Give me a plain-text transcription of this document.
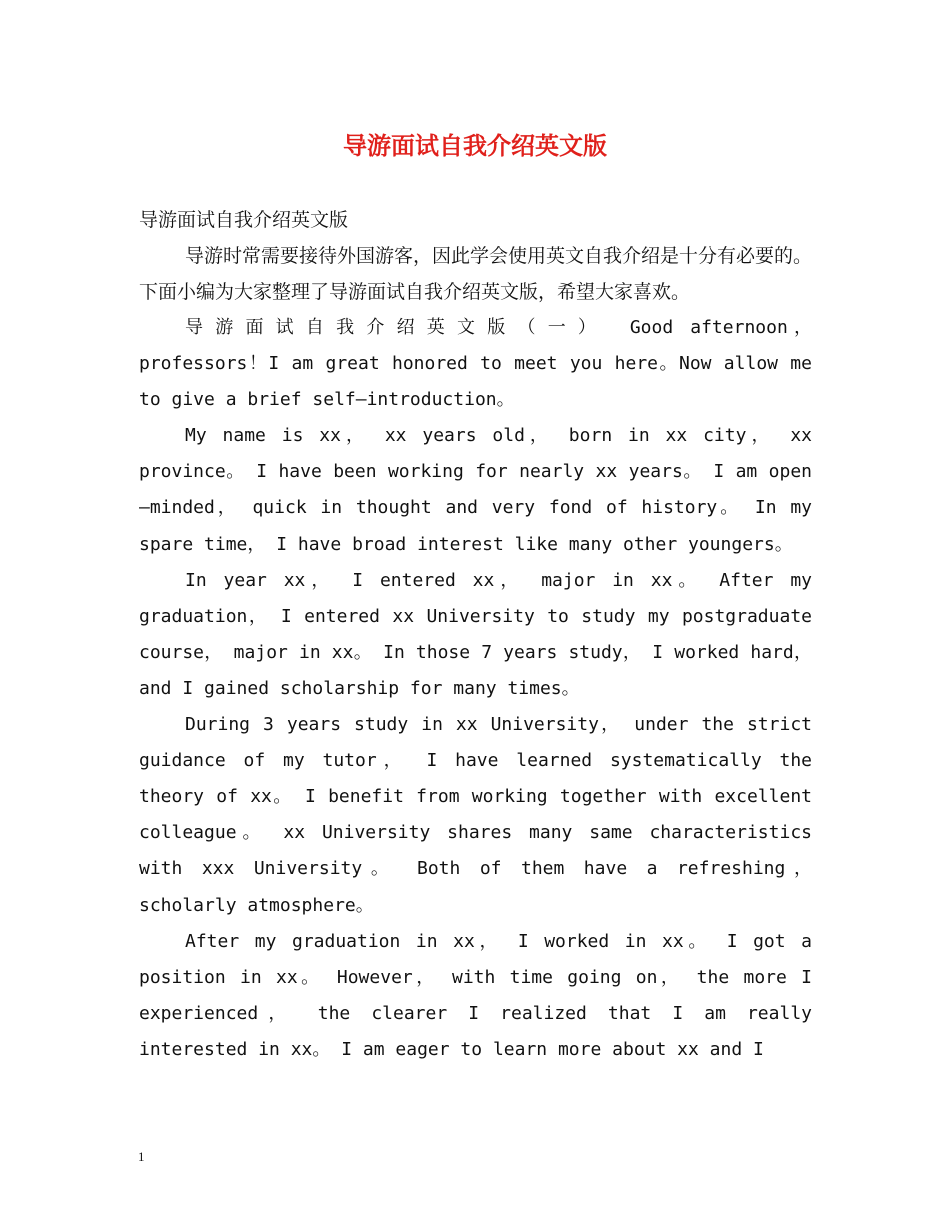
导游面试自我介绍英文版

导游面试自我介绍英文版

导游时常需要接待外国游客，因此学会使用英文自我介绍是十分有必要的。下面小编为大家整理了导游面试自我介绍英文版，希望大家喜欢。

导游面试自我介绍英文版（一）   Good afternoon，professors！I am great honored to meet you here。Now allow me to give a brief self—introduction。

My name is xx， xx years old， born in xx city， xx province。 I have been working for nearly xx years。 I am open—minded， quick in thought and very fond of history。 In my spare time， I have broad interest like many other youngers。

In year xx， I entered xx， major in xx。 After my graduation， I entered xx University to study my postgraduate course， major in xx。 In those 7 years study， I worked hard， and I gained scholarship for many times。

During 3 years study in xx University， under the strict guidance of my tutor， I have learned systematically the theory of xx。 I benefit from working together with excellent colleague。 xx University shares many same characteristics with xxx University。 Both of them have a refreshing，scholarly atmosphere。

After my graduation in xx， I worked in xx。 I got a position in xx。 However， with time going on， the more I experienced， the clearer I realized that I am really interested in xx。 I am eager to learn more about xx and I

1
